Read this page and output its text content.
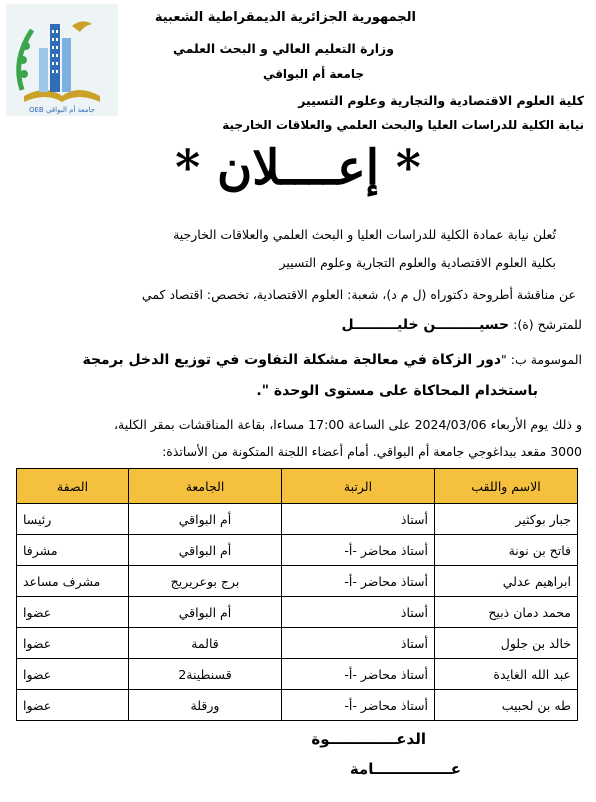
جامعة أم البواقي OEB
الجمهورية الجزائرية الديمقراطية الشعبية
وزارة التعليم العالي و البحث العلمي
جامعة أم البواقي
كلية العلوم الاقتصادية والتجارية وعلوم التسيير
نيابة الكلية للدراسات العليا والبحث العلمي والعلاقات الخارجية
* إعــــلان *
تُعلن نيابة عمادة الكلية للدراسات العليا و البحث العلمي والعلاقات الخارجية
بكلية العلوم الاقتصادية والعلوم التجارية وعلوم التسيير
عن مناقشة أطروحة دكتوراه (ل م د)، شعبة: العلوم الاقتصادية، تخصص: اقتصاد كمي
للمترشح (ة): حسيـــــــــن خليـــــــــل
الموسومة ب: "دور الزكاة في معالجة مشكلة التفاوت في توزيع الدخل برمجة
باستخدام المحاكاة على مستوى الوحدة ".
و ذلك يوم الأربعاء 2024/03/06 على الساعة 17:00 مساءا، بقاعة المناقشات بمقر الكلية،
3000 مقعد ببداغوجي جامعة أم البواقي. أمام أعضاء اللجنة المتكونة من الأساتذة:
الاسم واللقب	الرتبة	الجامعة	الصفة
جبار بوكثير	أستاذ	أم البواقي	رئيسا
فاتح بن نونة	أستاذ محاضر -أ-	أم البواقي	مشرفا
ابراهيم عدلي	أستاذ محاضر -أ-	برج بوعريريج	مشرف مساعد
محمد دمان ذبيح	أستاذ	أم البواقي	عضوا
خالد بن جلول	أستاذ	قالمة	عضوا
عبد الله الغايدة	أستاذ محاضر -أ-	قسنطينة2	عضوا
طه بن لحبيب	أستاذ محاضر -أ-	ورقلة	عضوا
الدعـــــــــــــوة
عـــــــــــــــامة
